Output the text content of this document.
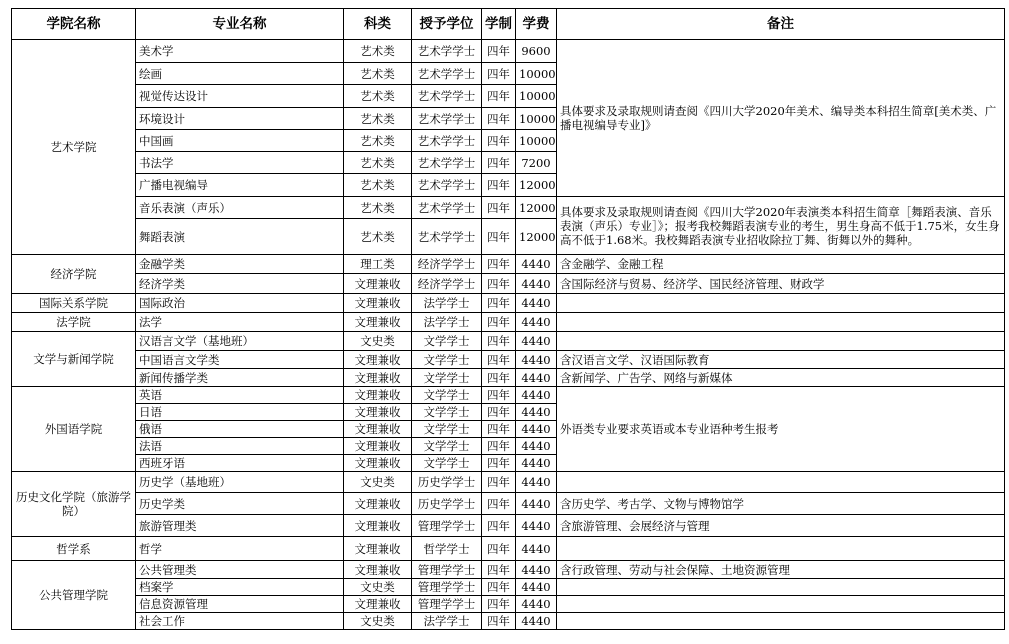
学院名称	专业名称	科类	授予学位	学制	学费	备注
艺术学院	美术学	艺术类	艺术学学士	四年	9600	具体要求及录取规则请查阅《四川大学2020年美术、编导类本科招生简章[美术类、广播电视编导专业]》
	绘画	艺术类	艺术学学士	四年	10000	
	视觉传达设计	艺术类	艺术学学士	四年	10000	
	环境设计	艺术类	艺术学学士	四年	10000	
	中国画	艺术类	艺术学学士	四年	10000	
	书法学	艺术类	艺术学学士	四年	7200	
	广播电视编导	艺术类	艺术学学士	四年	12000	
	音乐表演（声乐）	艺术类	艺术学学士	四年	12000	具体要求及录取规则请查阅《四川大学2020年表演类本科招生简章［舞蹈表演、音乐表演（声乐）专业］》；报考我校舞蹈表演专业的考生，男生身高不低于1.75米，女生身高不低于1.68米。我校舞蹈表演专业招收除拉丁舞、街舞以外的舞种。
	舞蹈表演	艺术类	艺术学学士	四年	12000	
经济学院	金融学类	理工类	经济学学士	四年	4440	含金融学、金融工程
	经济学类	文理兼收	经济学学士	四年	4440	含国际经济与贸易、经济学、国民经济管理、财政学
国际关系学院	国际政治	文理兼收	法学学士	四年	4440	
法学院	法学	文理兼收	法学学士	四年	4440	
文学与新闻学院	汉语言文学（基地班）	文史类	文学学士	四年	4440	
	中国语言文学类	文理兼收	文学学士	四年	4440	含汉语言文学、汉语国际教育
	新闻传播学类	文理兼收	文学学士	四年	4440	含新闻学、广告学、网络与新媒体
外国语学院	英语	文理兼收	文学学士	四年	4440	外语类专业要求英语或本专业语种考生报考
	日语	文理兼收	文学学士	四年	4440	
	俄语	文理兼收	文学学士	四年	4440	
	法语	文理兼收	文学学士	四年	4440	
	西班牙语	文理兼收	文学学士	四年	4440	
历史文化学院（旅游学院）	历史学（基地班）	文史类	历史学学士	四年	4440	
	历史学类	文理兼收	历史学学士	四年	4440	含历史学、考古学、文物与博物馆学
	旅游管理类	文理兼收	管理学学士	四年	4440	含旅游管理、会展经济与管理
哲学系	哲学	文理兼收	哲学学士	四年	4440	
公共管理学院	公共管理类	文理兼收	管理学学士	四年	4440	含行政管理、劳动与社会保障、土地资源管理
	档案学	文史类	管理学学士	四年	4440	
	信息资源管理	文理兼收	管理学学士	四年	4440	
	社会工作	文史类	法学学士	四年	4440	
